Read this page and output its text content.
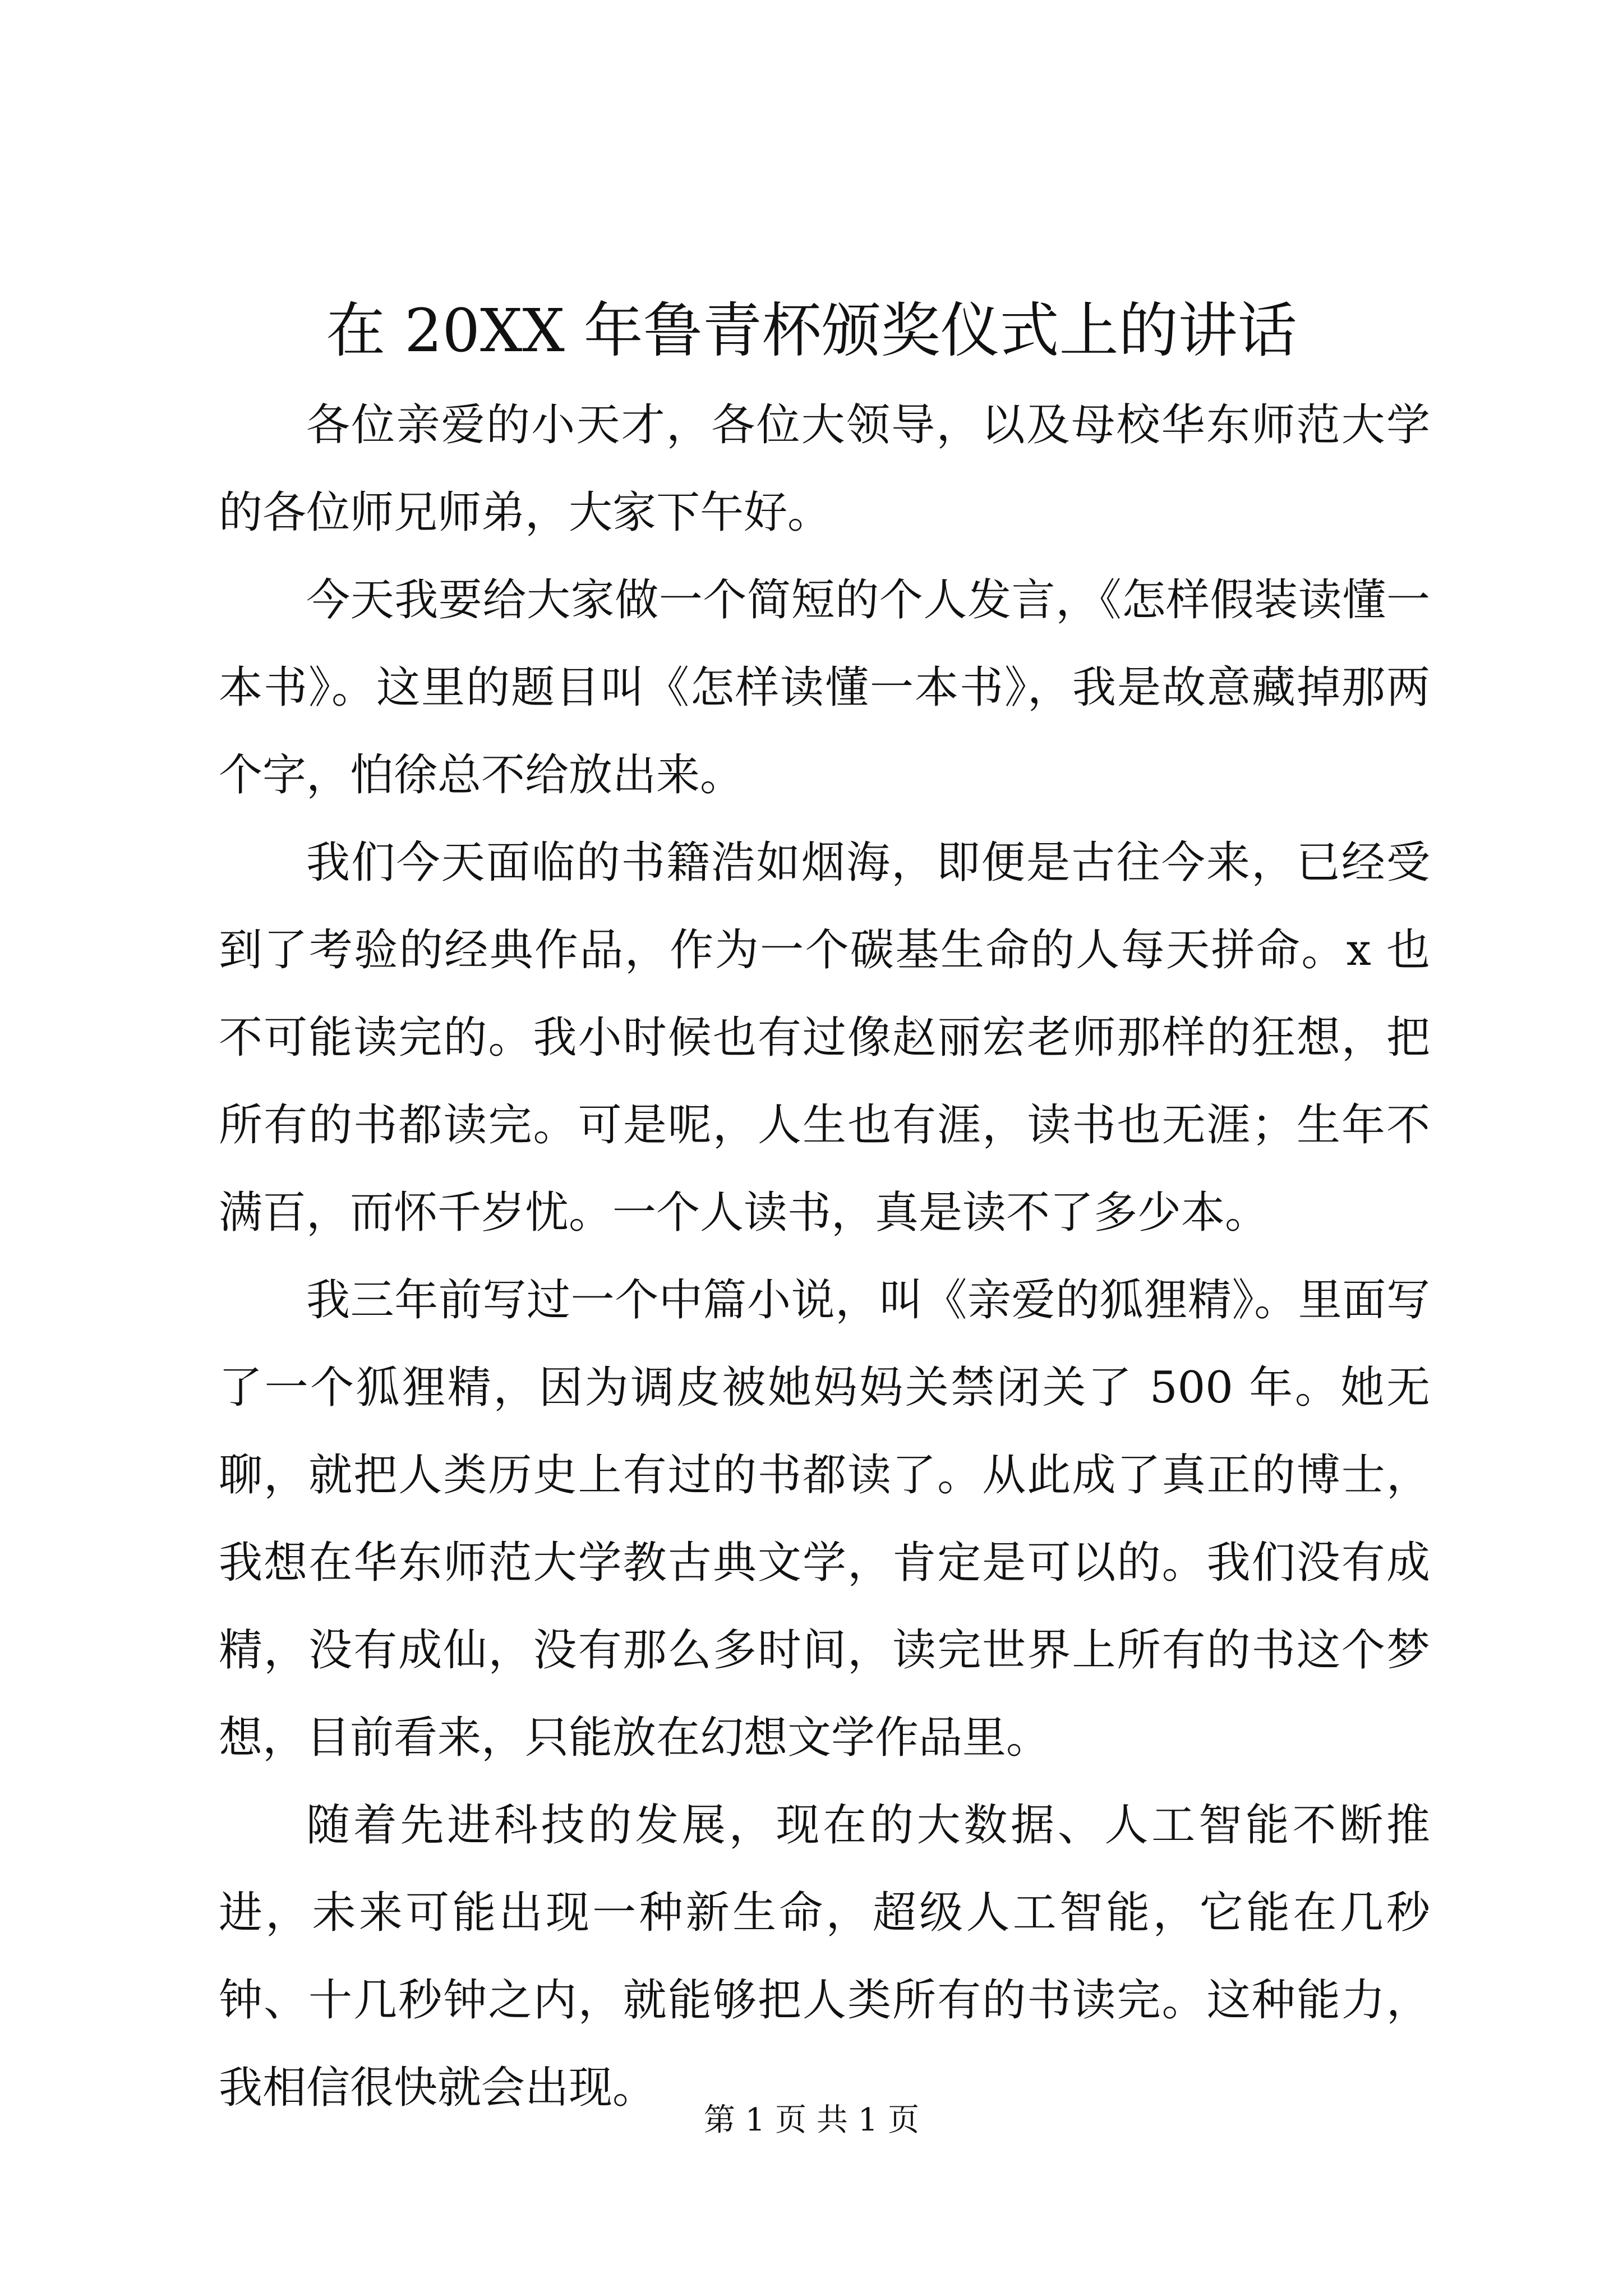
在 20XX 年鲁青杯颁奖仪式上的讲话

各位亲爱的小天才，各位大领导，以及母校华东师范大学的各位师兄师弟，大家下午好。

今天我要给大家做一个简短的个人发言，《怎样假装读懂一本书》。这里的题目叫《怎样读懂一本书》，我是故意藏掉那两个字，怕徐总不给放出来。

我们今天面临的书籍浩如烟海，即便是古往今来，已经受到了考验的经典作品，作为一个碳基生命的人每天拼命。x 也不可能读完的。我小时候也有过像赵丽宏老师那样的狂想，把所有的书都读完。可是呢，人生也有涯，读书也无涯；生年不满百，而怀千岁忧。一个人读书，真是读不了多少本。

我三年前写过一个中篇小说，叫《亲爱的狐狸精》。里面写了一个狐狸精，因为调皮被她妈妈关禁闭关了 500 年。她无聊，就把人类历史上有过的书都读了。从此成了真正的博士，我想在华东师范大学教古典文学，肯定是可以的。我们没有成精，没有成仙，没有那么多时间，读完世界上所有的书这个梦想，目前看来，只能放在幻想文学作品里。

随着先进科技的发展，现在的大数据、人工智能不断推进，未来可能出现一种新生命，超级人工智能，它能在几秒钟、十几秒钟之内，就能够把人类所有的书读完。这种能力，我相信很快就会出现。

第 1 页 共 1 页
